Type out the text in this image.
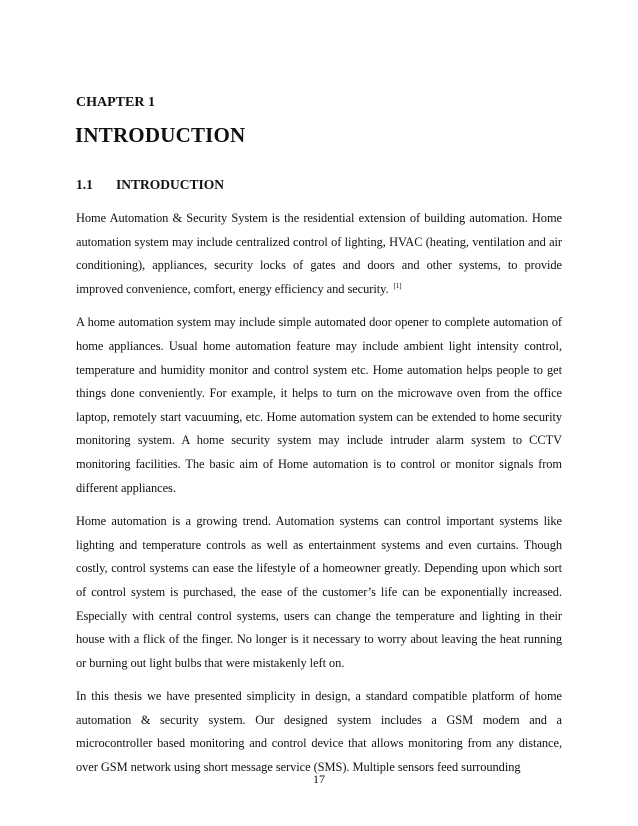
CHAPTER 1

INTRODUCTION
1.1 INTRODUCTION

Home Automation & Security System is the residential extension of building automation. Home automation system may include centralized control of lighting, HVAC (heating, ventilation and air conditioning), appliances, security locks of gates and doors and other systems, to provide improved convenience, comfort, energy efficiency and security. [1]

A home automation system may include simple automated door opener to complete automation of home appliances. Usual home automation feature may include ambient light intensity control, temperature and humidity monitor and control system etc. Home automation helps people to get things done conveniently. For example, it helps to turn on the microwave oven from the office laptop, remotely start vacuuming, etc. Home automation system can be extended to home security monitoring system. A home security system may include intruder alarm system to CCTV monitoring facilities. The basic aim of Home automation is to control or monitor signals from different appliances.

Home automation is a growing trend. Automation systems can control important systems like lighting and temperature controls as well as entertainment systems and even curtains. Though costly, control systems can ease the lifestyle of a homeowner greatly. Depending upon which sort of control system is purchased, the ease of the customer’s life can be exponentially increased. Especially with central control systems, users can change the temperature and lighting in their house with a flick of the finger. No longer is it necessary to worry about leaving the heat running or burning out light bulbs that were mistakenly left on.

In this thesis we have presented simplicity in design, a standard compatible platform of home automation & security system. Our designed system includes a GSM modem and a microcontroller based monitoring and control device that allows monitoring from any distance, over GSM network using short message service (SMS). Multiple sensors feed surrounding

17
